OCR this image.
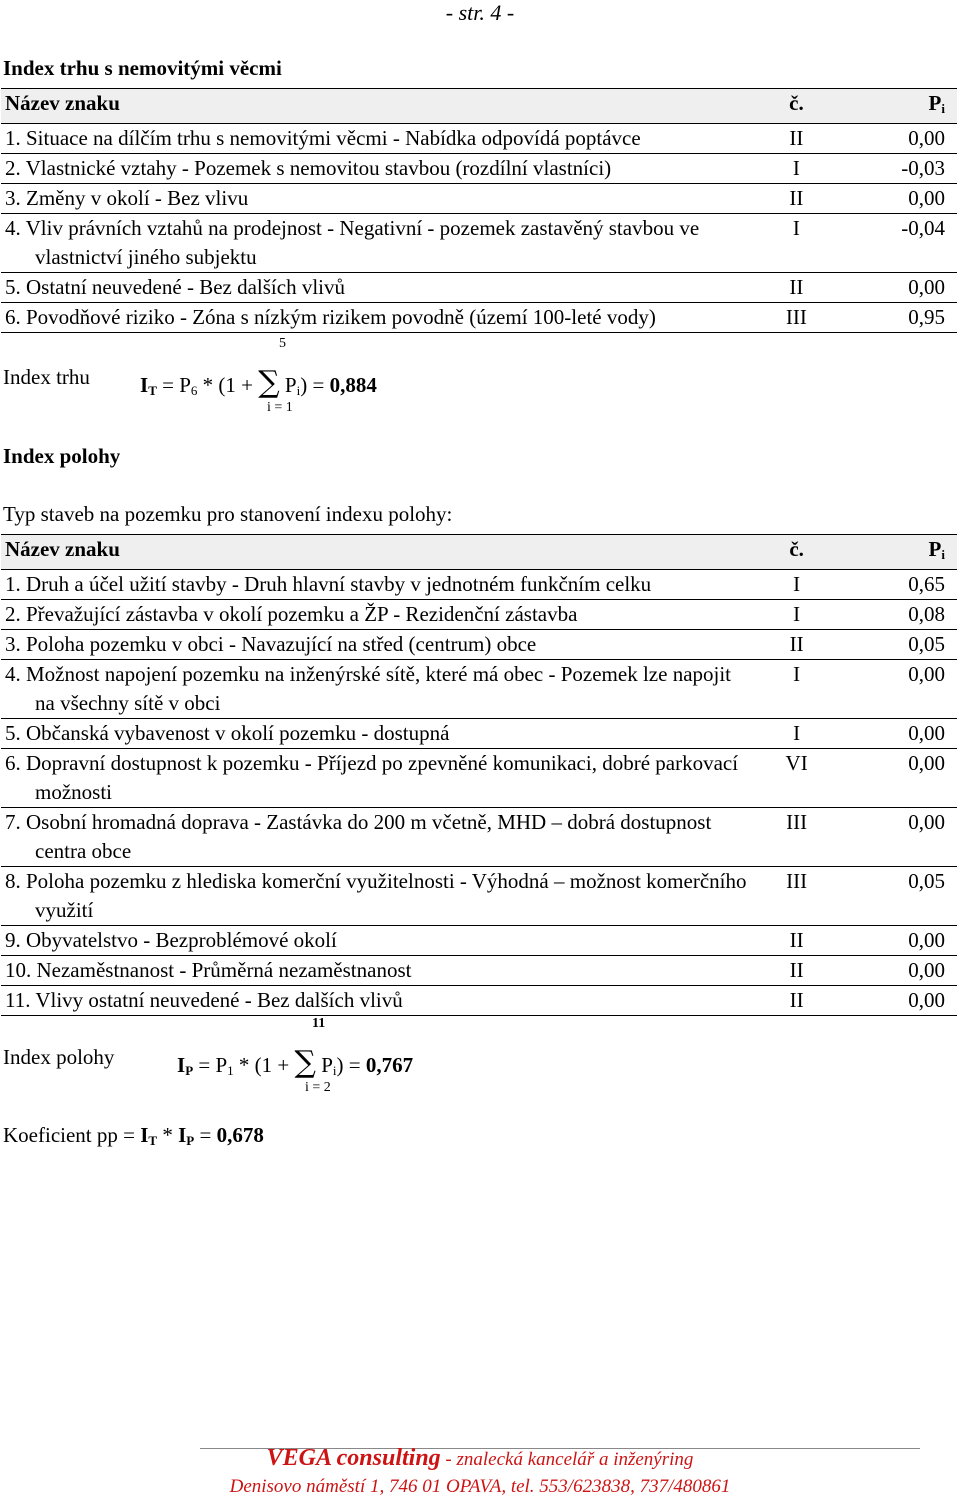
- str. 4 -
Index trhu s nemovitými věcmi
Název znaku	č.	$P_i$
1. Situace na dílčím trhu s nemovitými věcmi - Nabídka odpovídá poptávce	II	0,00
2. Vlastnické vztahy - Pozemek s nemovitou stavbou (rozdílní vlastníci)	I	-0,03
3. Změny v okolí - Bez vlivu	II	0,00
4. Vliv právních vztahů na prodejnost - Negativní - pozemek zastavěný stavbou ve vlastnictví jiného subjektu	I	-0,04
5. Ostatní neuvedené - Bez dalších vlivů	II	0,00
6. Povodňové riziko - Zóna s nízkým rizikem povodně (území 100-leté vody)	III	0,95
Index trhu
5
i = 1
$I_T = P_6 * (1$ + ∑ $P_i) = 0,884$
Index polohy
Typ staveb na pozemku pro stanovení indexu polohy:
Název znaku	č.	$P_i$
1. Druh a účel užití stavby - Druh hlavní stavby v jednotném funkčním celku	I	0,65
2. Převažující zástavba v okolí pozemku a ŽP - Rezidenční zástavba	I	0,08
3. Poloha pozemku v obci - Navazující na střed (centrum) obce	II	0,05
4. Možnost napojení pozemku na inženýrské sítě, které má obec - Pozemek lze napojit na všechny sítě v obci	I	0,00
5. Občanská vybavenost v okolí pozemku - dostupná	I	0,00
6. Dopravní dostupnost k pozemku - Příjezd po zpevněné komunikaci, dobré parkovací možnosti	VI	0,00
7. Osobní hromadná doprava - Zastávka do 200 m včetně, MHD – dobrá dostupnost centra obce	III	0,00
8. Poloha pozemku z hlediska komerční využitelnosti - Výhodná – možnost komerčního využití	III	0,05
9. Obyvatelstvo - Bezproblémové okolí	II	0,00
10. Nezaměstnanost - Průměrná nezaměstnanost	II	0,00
11. Vlivy ostatní neuvedené - Bez dalších vlivů	II	0,00
Index polohy
11
i = 2
$I_P = P_1 * (1$ + ∑ $P_i) = 0,767$
Koeficient pp = $I_T * I_P = 0,678$
VEGA consulting - znalecká kancelář a inženýring
Denisovo náměstí 1, 746 01 OPAVA, tel. 553/623838, 737/480861
